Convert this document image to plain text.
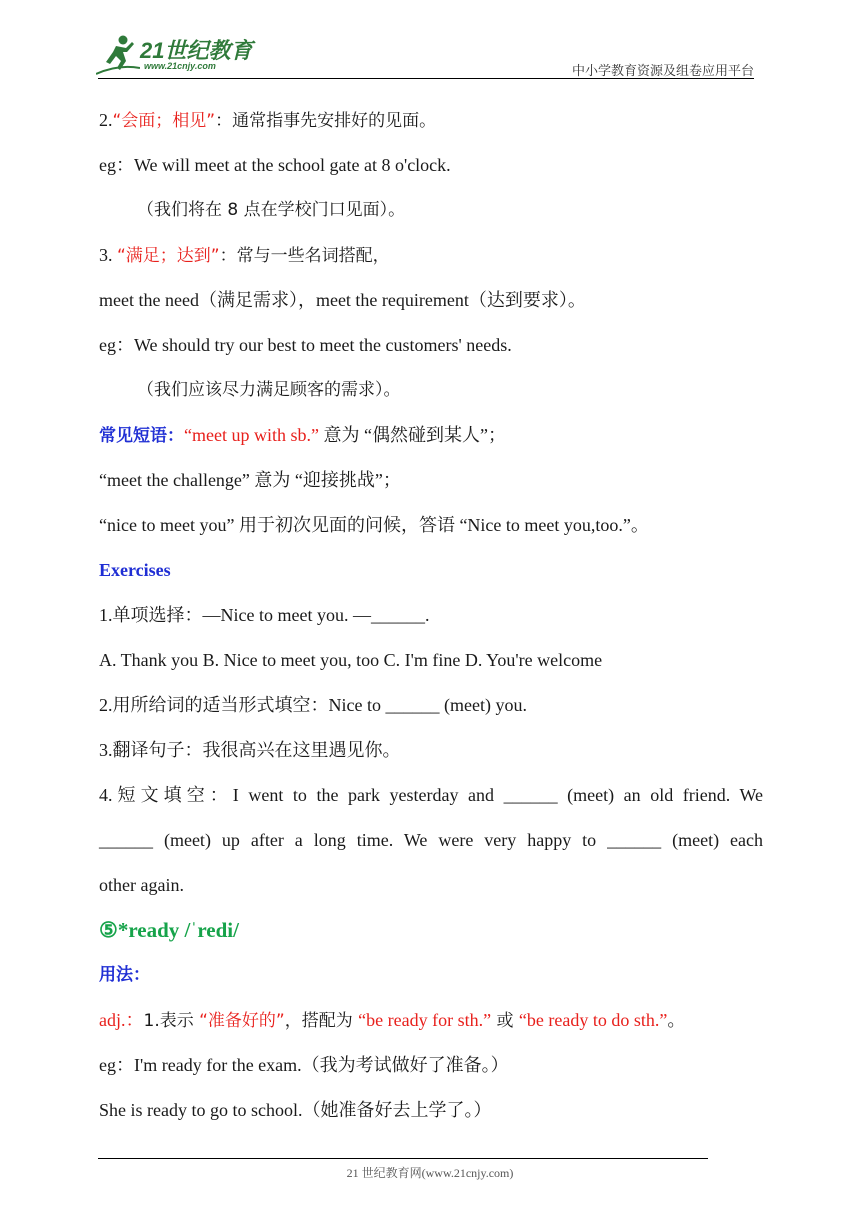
21世纪教育
www.21cnjy.com	中小学教育资源及组卷应用平台
2.“会面；相见”：通常指事先安排好的见面。
eg：We will meet at the school gate at 8 o'clock.
（我们将在 8 点在学校门口见面）。
3. “满足；达到”：常与一些名词搭配，
meet the need（满足需求），meet the requirement（达到要求）。
eg：We should try our best to meet the customers' needs.
（我们应该尽力满足顾客的需求）。
常见短语：“meet up with sb.” 意为 “偶然碰到某人”；
“meet the challenge” 意为 “迎接挑战”；
“nice to meet you” 用于初次见面的问候，答语 “Nice to meet you,too.”。
Exercises
1.单项选择：—Nice to meet you. —______.
A. Thank you B. Nice to meet you, too C. I'm fine D. You're welcome
2.用所给词的适当形式填空：Nice to ______ (meet) you.
3.翻译句子：我很高兴在这里遇见你。
4.短文填空：I went to the park yesterday and ______ (meet) an old friend. We
______ (meet) up after a long time. We were very happy to ______ (meet) each
other again.
⑤*ready /ˈredi/
用法：
adj.：1.表示 “准备好的”，搭配为 “be ready for sth.” 或 “be ready to do sth.”。
eg：I'm ready for the exam.（我为考试做好了准备。）
She is ready to go to school.（她准备好去上学了。）
21 世纪教育网(www.21cnjy.com)
